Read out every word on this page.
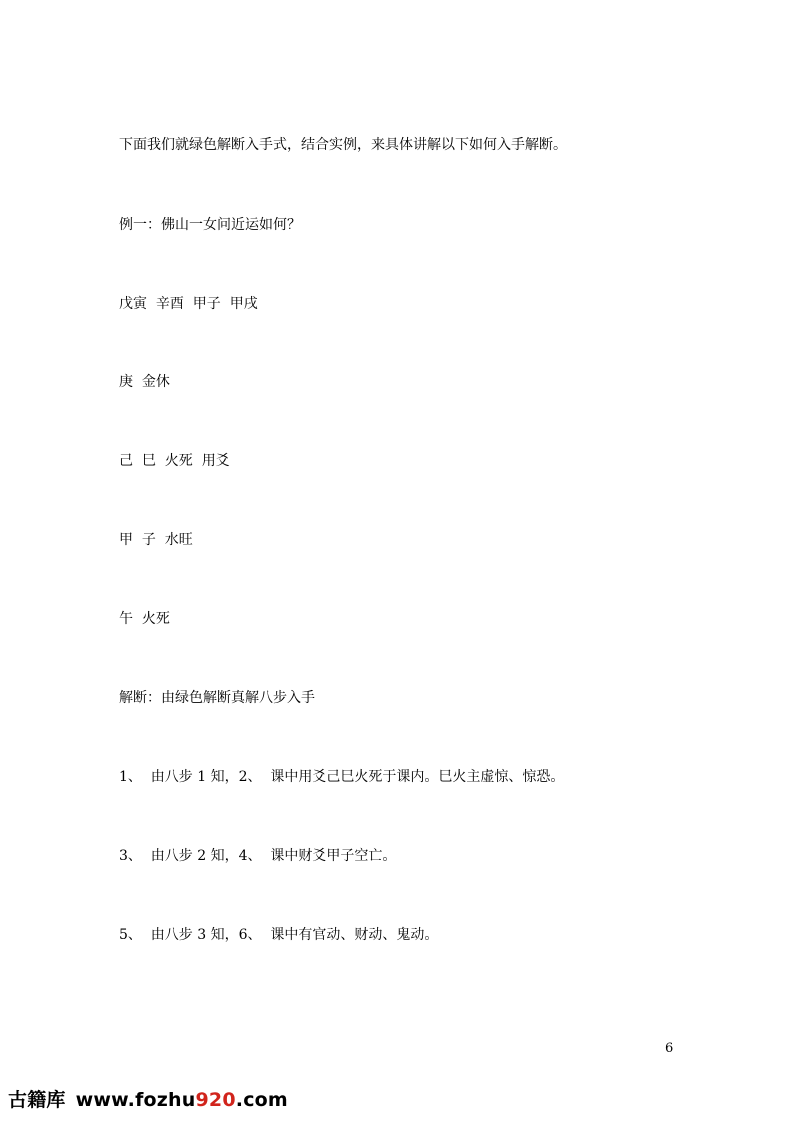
下面我们就绿色解断入手式，结合实例，来具体讲解以下如何入手解断。
例一：佛山一女问近运如何？
戊寅  辛酉  甲子  甲戌
庚  金休
己  巳  火死  用爻
甲  子  水旺
午  火死
解断：由绿色解断真解八步入手
1、  由八步 1 知，2、  课中用爻己巳火死于课内。巳火主虚惊、惊恐。
3、  由八步 2 知，4、  课中财爻甲子空亡。
5、  由八步 3 知，6、  课中有官动、财动、鬼动。
6
古籍库 www.fozhu920.com
